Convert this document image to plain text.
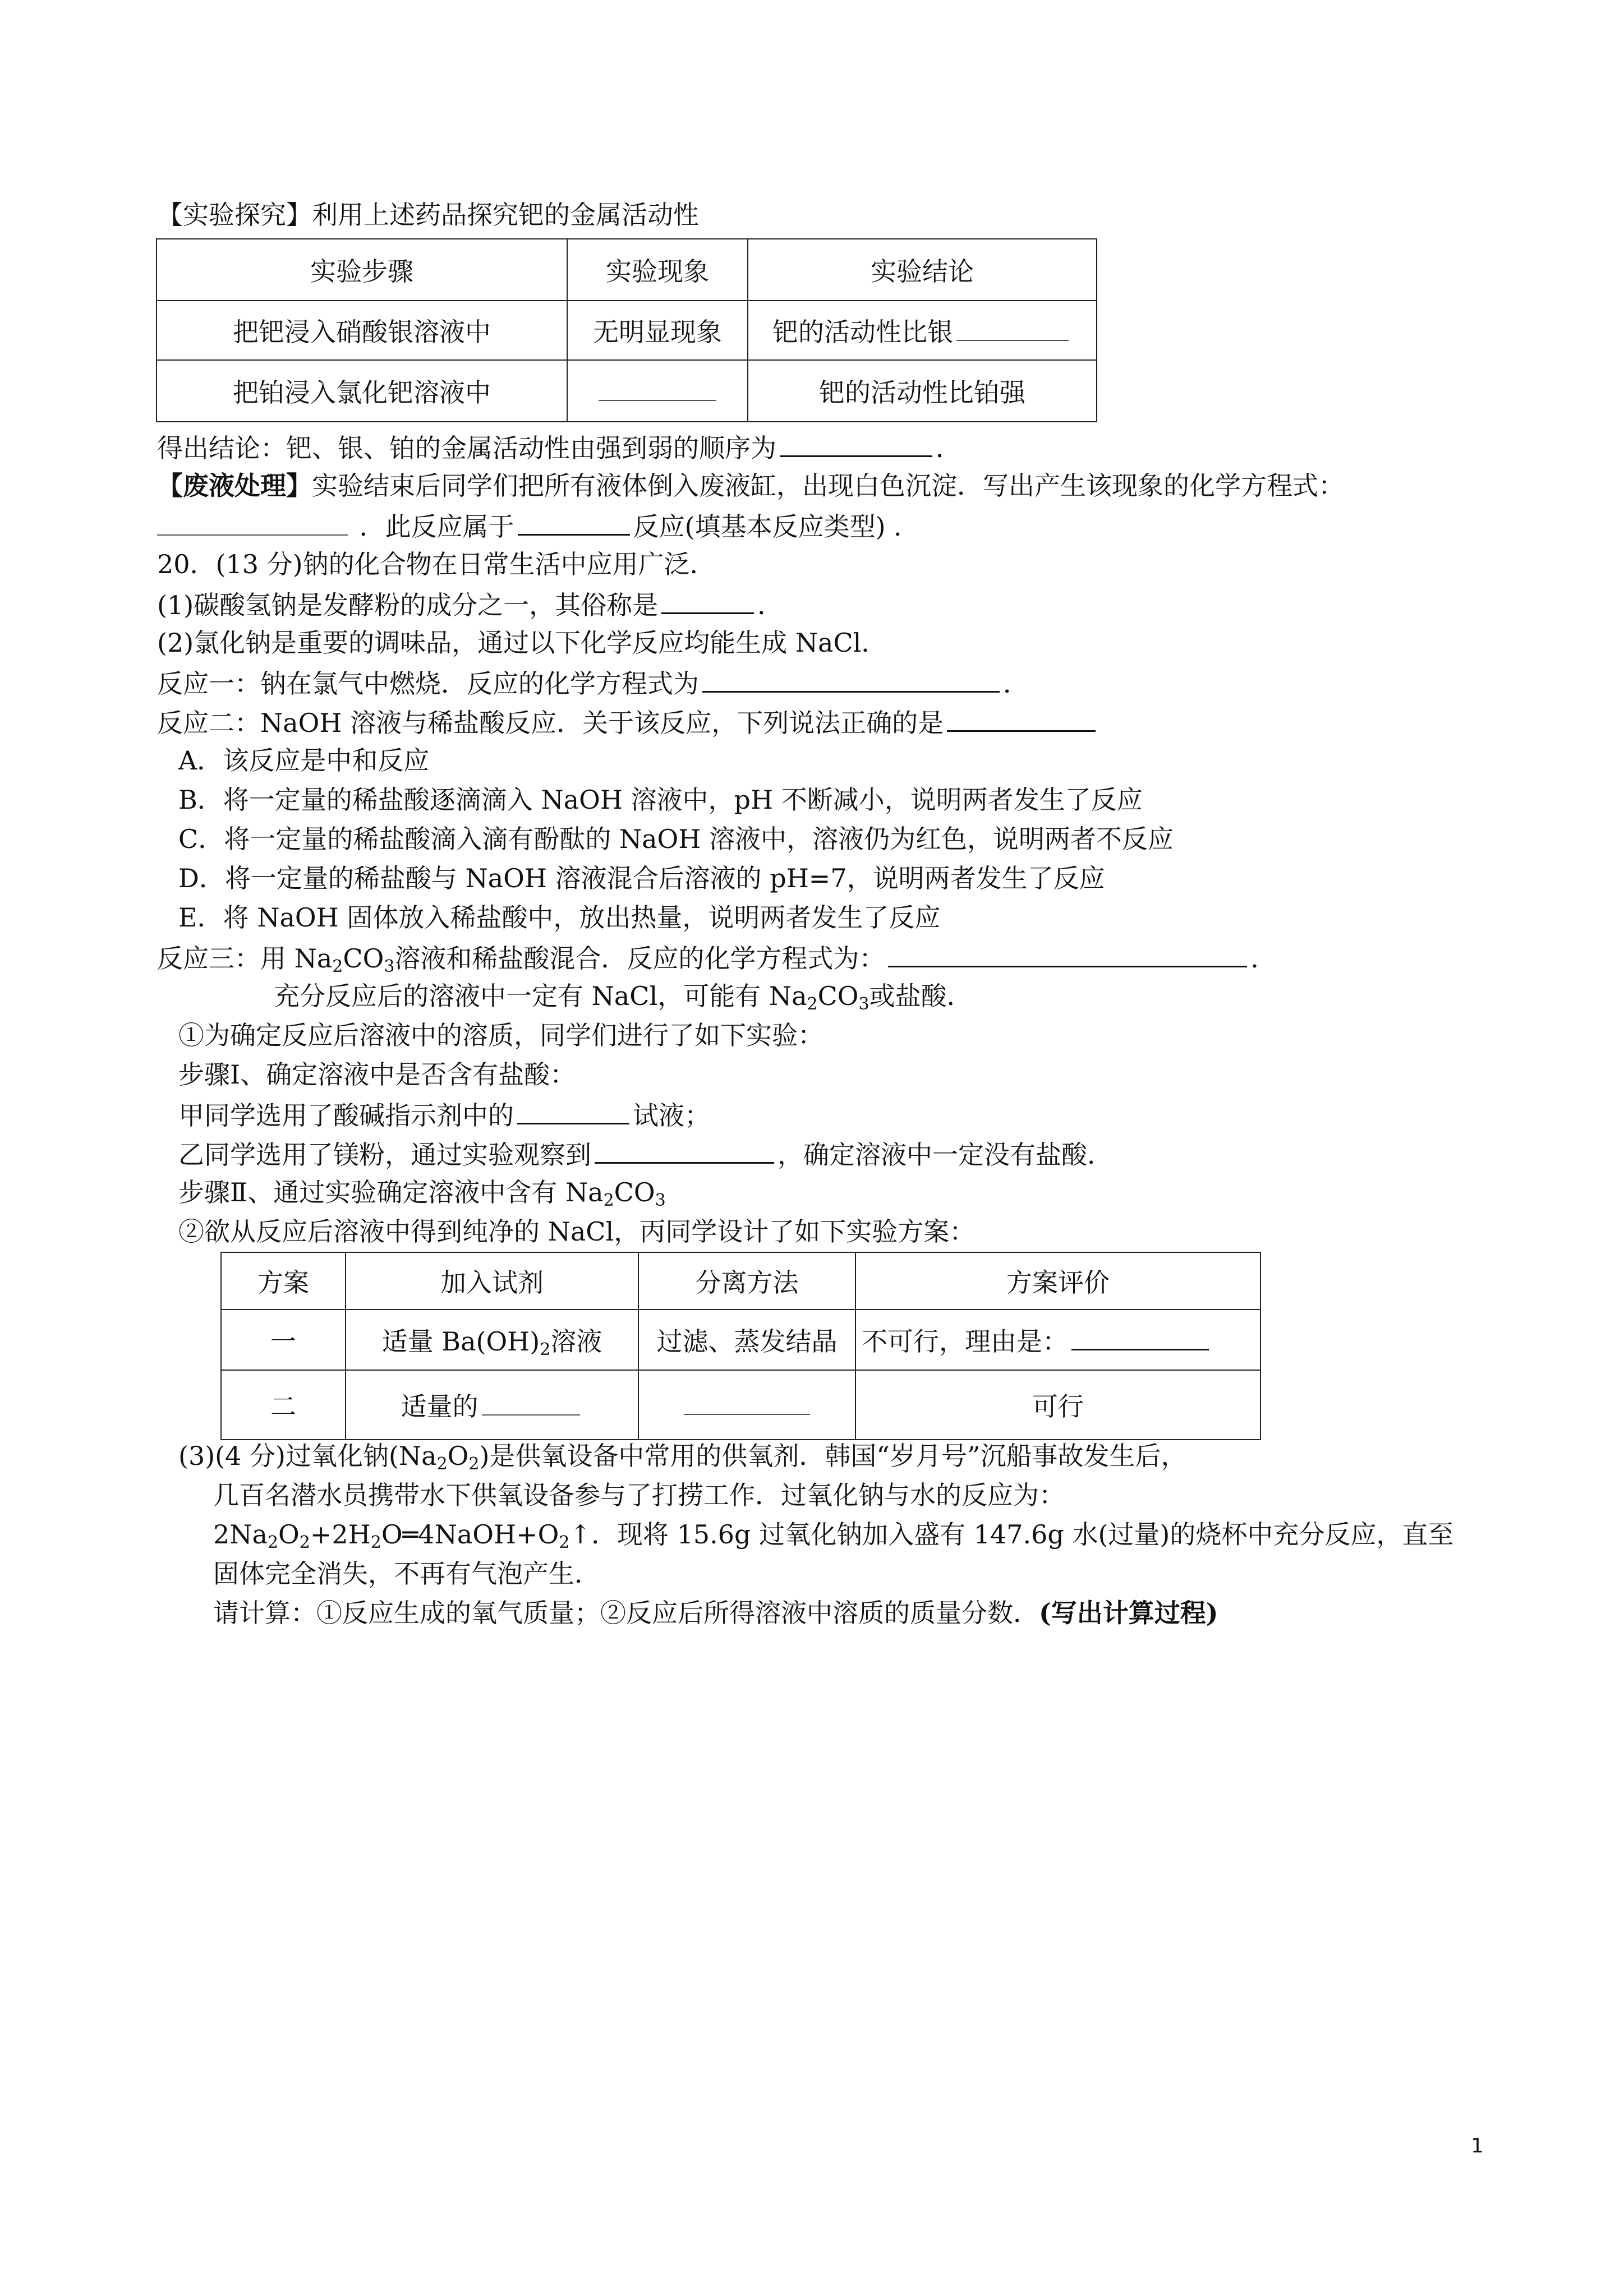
【实验探究】利用上述药品探究钯的金属活动性
实验步骤	实验现象	实验结论
把钯浸入硝酸银溶液中	无明显现象	钯的活动性比银
把铂浸入氯化钯溶液中		钯的活动性比铂强
得出结论：钯、银、铂的金属活动性由强到弱的顺序为	．
【废液处理】实验结束后同学们把所有液体倒入废液缸，出现白色沉淀．写出产生该现象的化学方程式：
．此反应属于	反应(填基本反应类型) ．
20．(13 分)钠的化合物在日常生活中应用广泛．
(1)碳酸氢钠是发酵粉的成分之一，其俗称是	．
(2)氯化钠是重要的调味品，通过以下化学反应均能生成 NaCl．
反应一：钠在氯气中燃烧．反应的化学方程式为	．
反应二：NaOH 溶液与稀盐酸反应．关于该反应，下列说法正确的是
A．该反应是中和反应
B．将一定量的稀盐酸逐滴滴入 NaOH 溶液中，pH 不断减小，说明两者发生了反应
C．将一定量的稀盐酸滴入滴有酚酞的 NaOH 溶液中，溶液仍为红色，说明两者不反应
D．将一定量的稀盐酸与 NaOH 溶液混合后溶液的 pH=7，说明两者发生了反应
E．将 NaOH 固体放入稀盐酸中，放出热量，说明两者发生了反应
反应三：用 $Na_2CO_3$溶液和稀盐酸混合．反应的化学方程式为：	．
充分反应后的溶液中一定有 NaCl，可能有 $Na_2CO_3$或盐酸．
①为确定反应后溶液中的溶质，同学们进行了如下实验：
步骤Ⅰ、确定溶液中是否含有盐酸：
甲同学选用了酸碱指示剂中的	试液；
乙同学选用了镁粉，通过实验观察到	，确定溶液中一定没有盐酸．
步骤Ⅱ、通过实验确定溶液中含有 $Na_2CO_3$
②欲从反应后溶液中得到纯净的 NaCl，丙同学设计了如下实验方案：
方案	加入试剂	分离方法	方案评价
一	适量 $Ba(OH)_2$溶液	过滤、蒸发结晶	不可行，理由是：
二	适量的		可行
(3)(4 分)过氧化钠$(Na_2O_2)$是供氧设备中常用的供氧剂．韩国“岁月号”沉船事故发生后，
几百名潜水员携带水下供氧设备参与了打捞工作．过氧化钠与水的反应为：
$2Na_2O_2+2H_2O═4NaOH+O_2↑$．现将 15.6g 过氧化钠加入盛有 147.6g 水(过量)的烧杯中充分反应，直至
固体完全消失，不再有气泡产生．
请计算：①反应生成的氧气质量；②反应后所得溶液中溶质的质量分数．(写出计算过程)
1
